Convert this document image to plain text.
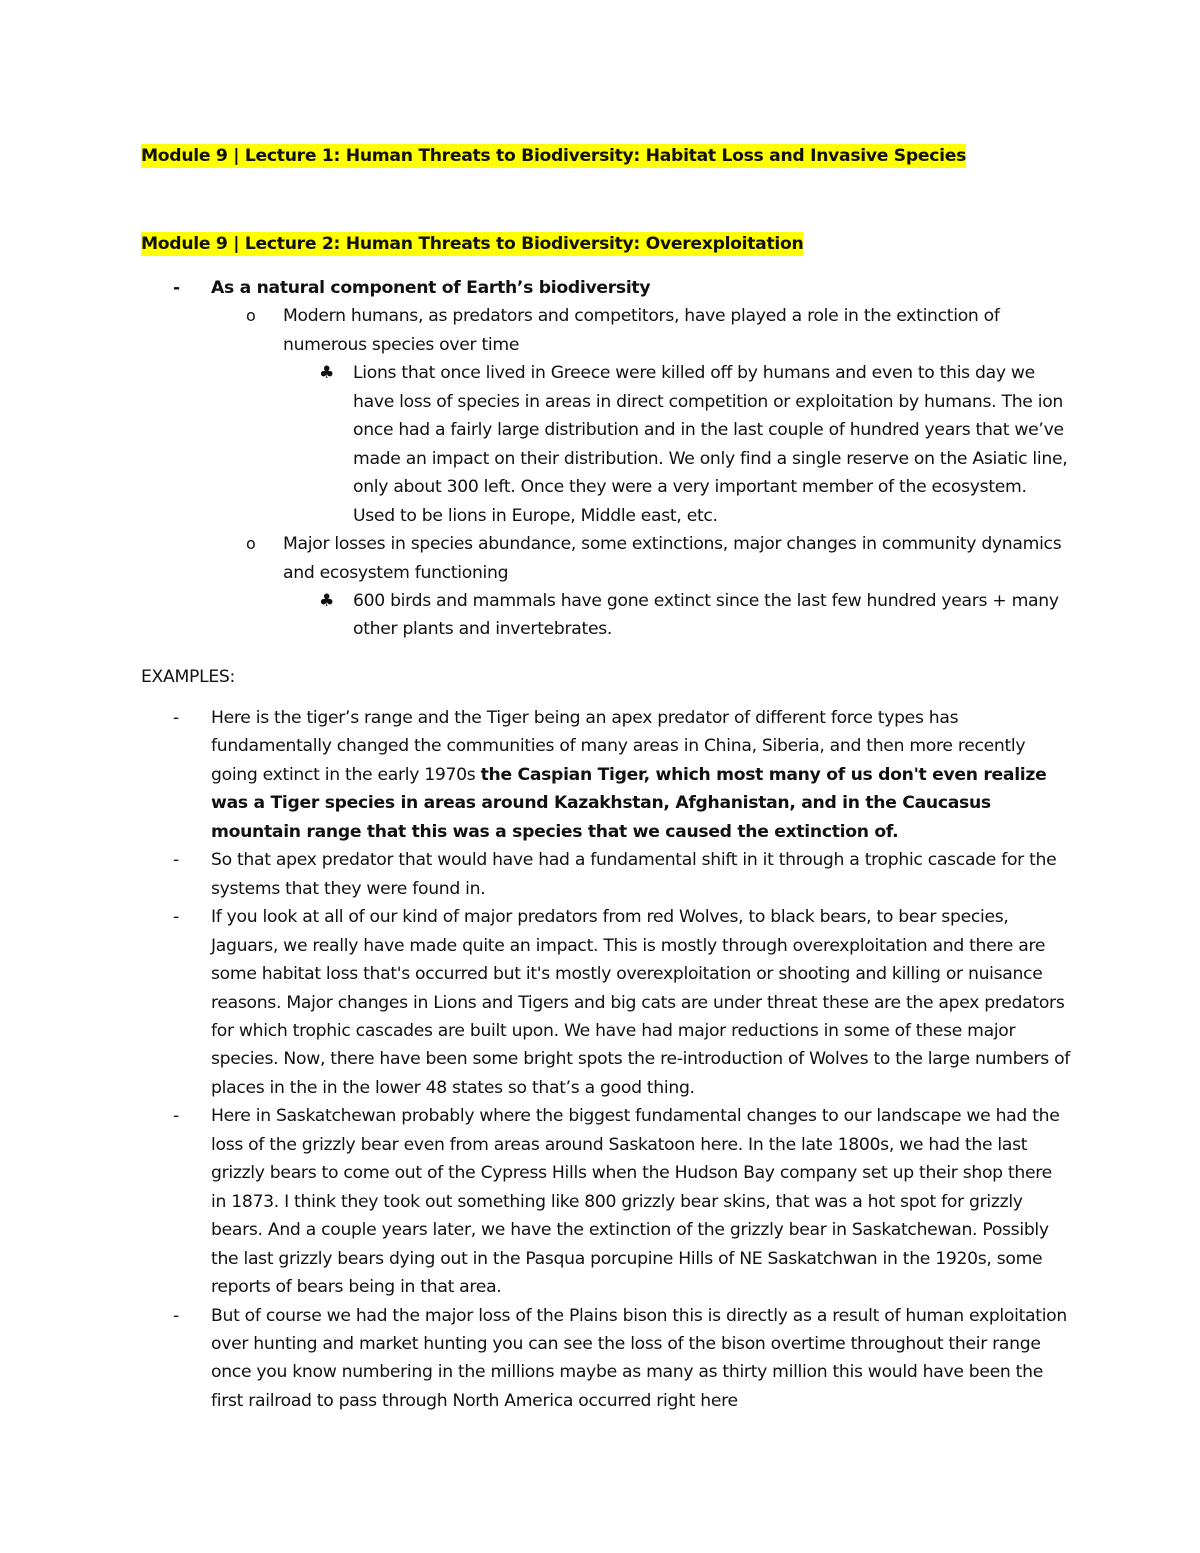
Module 9 | Lecture 1: Human Threats to Biodiversity: Habitat Loss and Invasive Species

Module 9 | Lecture 2: Human Threats to Biodiversity: Overexploitation

- As a natural component of Earth’s biodiversity
o Modern humans, as predators and competitors, have played a role in the extinction of numerous species over time
♣ Lions that once lived in Greece were killed off by humans and even to this day we have loss of species in areas in direct competition or exploitation by humans. The ion once had a fairly large distribution and in the last couple of hundred years that we’ve made an impact on their distribution. We only find a single reserve on the Asiatic line, only about 300 left. Once they were a very important member of the ecosystem. Used to be lions in Europe, Middle east, etc.
o Major losses in species abundance, some extinctions, major changes in community dynamics and ecosystem functioning
♣ 600 birds and mammals have gone extinct since the last few hundred years + many other plants and invertebrates.

EXAMPLES:

- Here is the tiger’s range and the Tiger being an apex predator of different force types has fundamentally changed the communities of many areas in China, Siberia, and then more recently going extinct in the early 1970s the Caspian Tiger, which most many of us don't even realize was a Tiger species in areas around Kazakhstan, Afghanistan, and in the Caucasus mountain range that this was a species that we caused the extinction of.
- So that apex predator that would have had a fundamental shift in it through a trophic cascade for the systems that they were found in.
- If you look at all of our kind of major predators from red Wolves, to black bears, to bear species, Jaguars, we really have made quite an impact. This is mostly through overexploitation and there are some habitat loss that's occurred but it's mostly overexploitation or shooting and killing or nuisance reasons. Major changes in Lions and Tigers and big cats are under threat these are the apex predators for which trophic cascades are built upon. We have had major reductions in some of these major species. Now, there have been some bright spots the re-introduction of Wolves to the large numbers of places in the in the lower 48 states so that’s a good thing.
- Here in Saskatchewan probably where the biggest fundamental changes to our landscape we had the loss of the grizzly bear even from areas around Saskatoon here. In the late 1800s, we had the last grizzly bears to come out of the Cypress Hills when the Hudson Bay company set up their shop there in 1873. I think they took out something like 800 grizzly bear skins, that was a hot spot for grizzly bears. And a couple years later, we have the extinction of the grizzly bear in Saskatchewan. Possibly the last grizzly bears dying out in the Pasqua porcupine Hills of NE Saskatchwan in the 1920s, some reports of bears being in that area.
- But of course we had the major loss of the Plains bison this is directly as a result of human exploitation over hunting and market hunting you can see the loss of the bison overtime throughout their range once you know numbering in the millions maybe as many as thirty million this would have been the first railroad to pass through North America occurred right here
